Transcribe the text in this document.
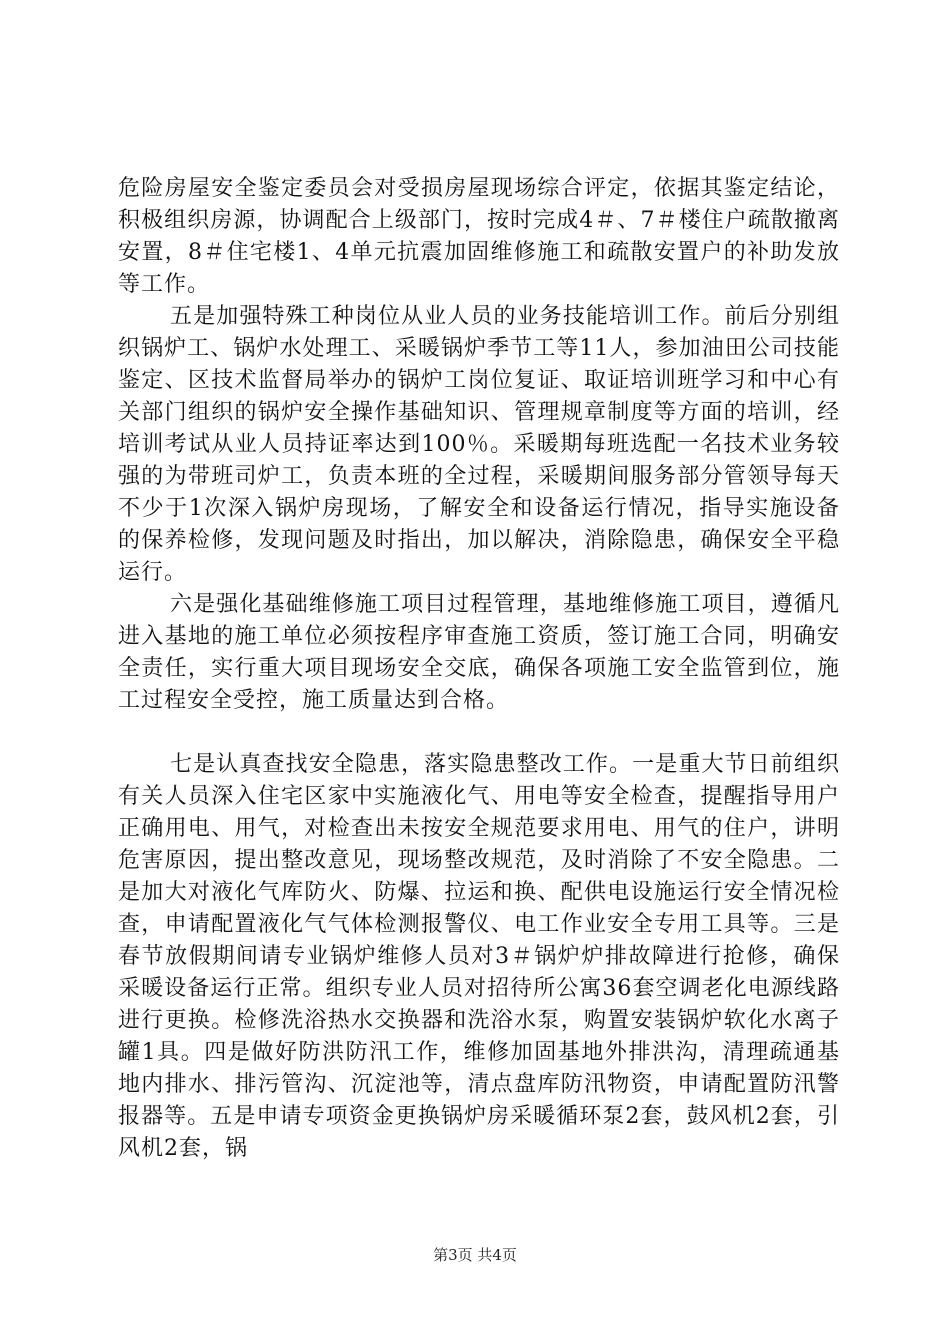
危险房屋安全鉴定委员会对受损房屋现场综合评定，依据其鉴定结论，积极组织房源，协调配合上级部门，按时完成4＃、7＃楼住户疏散撤离安置，8＃住宅楼1、4单元抗震加固维修施工和疏散安置户的补助发放等工作。

五是加强特殊工种岗位从业人员的业务技能培训工作。前后分别组织锅炉工、锅炉水处理工、采暖锅炉季节工等11人，参加油田公司技能鉴定、区技术监督局举办的锅炉工岗位复证、取证培训班学习和中心有关部门组织的锅炉安全操作基础知识、管理规章制度等方面的培训，经培训考试从业人员持证率达到100％。采暖期每班选配一名技术业务较强的为带班司炉工，负责本班的全过程，采暖期间服务部分管领导每天不少于1次深入锅炉房现场，了解安全和设备运行情况，指导实施设备的保养检修，发现问题及时指出，加以解决，消除隐患，确保安全平稳运行。

六是强化基础维修施工项目过程管理，基地维修施工项目，遵循凡进入基地的施工单位必须按程序审查施工资质，签订施工合同，明确安全责任，实行重大项目现场安全交底，确保各项施工安全监管到位，施工过程安全受控，施工质量达到合格。

七是认真查找安全隐患，落实隐患整改工作。一是重大节日前组织有关人员深入住宅区家中实施液化气、用电等安全检查，提醒指导用户正确用电、用气，对检查出未按安全规范要求用电、用气的住户，讲明危害原因，提出整改意见，现场整改规范，及时消除了不安全隐患。二是加大对液化气库防火、防爆、拉运和换、配供电设施运行安全情况检查，申请配置液化气气体检测报警仪、电工作业安全专用工具等。三是春节放假期间请专业锅炉维修人员对3＃锅炉炉排故障进行抢修，确保采暖设备运行正常。组织专业人员对招待所公寓36套空调老化电源线路进行更换。检修洗浴热水交换器和洗浴水泵，购置安装锅炉软化水离子罐1具。四是做好防洪防汛工作，维修加固基地外排洪沟，清理疏通基地内排水、排污管沟、沉淀池等，清点盘库防汛物资，申请配置防汛警报器等。五是申请专项资金更换锅炉房采暖循环泵2套，鼓风机2套，引风机2套，锅

第3页 共4页
